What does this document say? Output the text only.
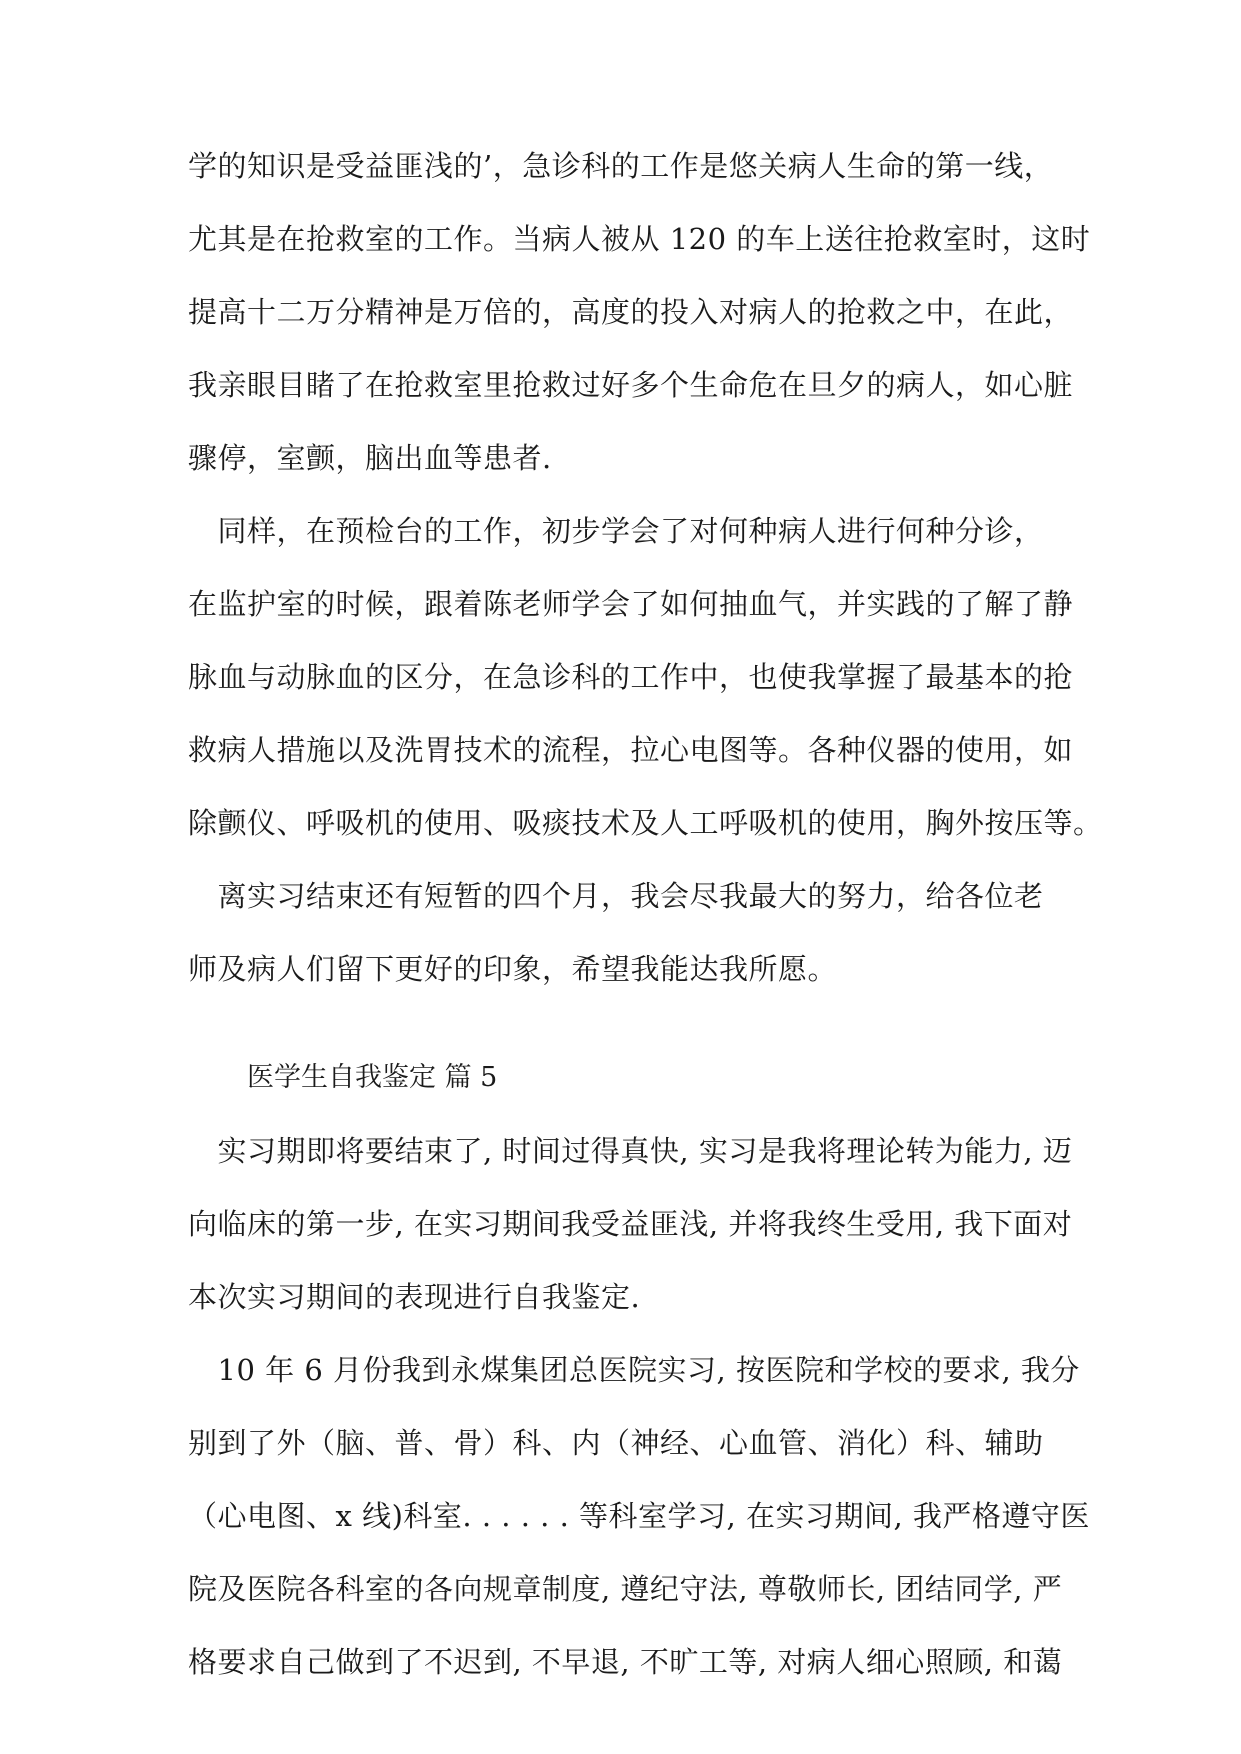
学的知识是受益匪浅的’，急诊科的工作是悠关病人生命的第一线，
尤其是在抢救室的工作。当病人被从 120 的车上送往抢救室时，这时
提高十二万分精神是万倍的，高度的投入对病人的抢救之中，在此，
我亲眼目睹了在抢救室里抢救过好多个生命危在旦夕的病人，如心脏
骤停，室颤，脑出血等患者.
　同样，在预检台的工作，初步学会了对何种病人进行何种分诊，
在监护室的时候，跟着陈老师学会了如何抽血气，并实践的了解了静
脉血与动脉血的区分，在急诊科的工作中，也使我掌握了最基本的抢
救病人措施以及洗胃技术的流程，拉心电图等。各种仪器的使用，如
除颤仪、呼吸机的使用、吸痰技术及人工呼吸机的使用，胸外按压等。
　离实习结束还有短暂的四个月，我会尽我最大的努力，给各位老
师及病人们留下更好的印象，希望我能达我所愿。
医学生自我鉴定 篇 5
　实习期即将要结束了, 时间过得真快, 实习是我将理论转为能力, 迈
向临床的第一步, 在实习期间我受益匪浅, 并将我终生受用, 我下面对
本次实习期间的表现进行自我鉴定.
　10 年 6 月份我到永煤集团总医院实习, 按医院和学校的要求, 我分
别到了外（脑、普、骨）科、内（神经、心血管、消化）科、辅助
（心电图、x 线)科室. . . . . . 等科室学习, 在实习期间, 我严格遵守医
院及医院各科室的各向规章制度, 遵纪守法, 尊敬师长, 团结同学, 严
格要求自己做到了不迟到, 不早退, 不旷工等, 对病人细心照顾, 和蔼
